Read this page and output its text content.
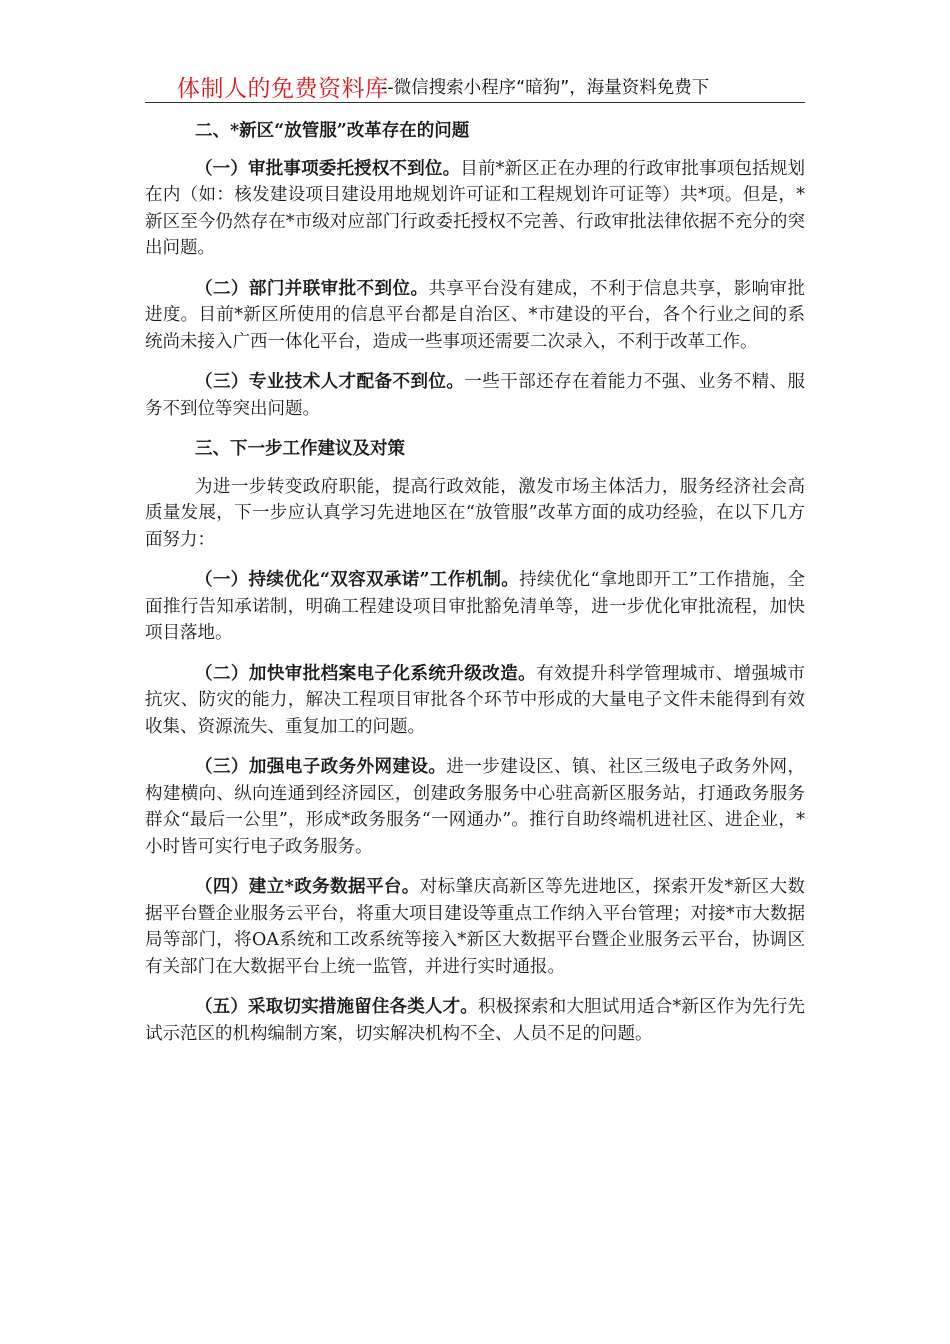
体制人的免费资料库
--微信搜索小程序“暗狗”，海量资料免费下

二、*新区“放管服”改革存在的问题

（一）审批事项委托授权不到位。目前*新区正在办理的行政审批事项包括规划在内（如：核发建设项目建设用地规划许可证和工程规划许可证等）共*项。但是，*新区至今仍然存在*市级对应部门行政委托授权不完善、行政审批法律依据不充分的突出问题。

（二）部门并联审批不到位。共享平台没有建成，不利于信息共享，影响审批进度。目前*新区所使用的信息平台都是自治区、*市建设的平台，各个行业之间的系统尚未接入广西一体化平台，造成一些事项还需要二次录入，不利于改革工作。

（三）专业技术人才配备不到位。一些干部还存在着能力不强、业务不精、服务不到位等突出问题。

三、下一步工作建议及对策

为进一步转变政府职能，提高行政效能，激发市场主体活力，服务经济社会高质量发展，下一步应认真学习先进地区在“放管服”改革方面的成功经验，在以下几方面努力：

（一）持续优化“双容双承诺”工作机制。持续优化“拿地即开工”工作措施，全面推行告知承诺制，明确工程建设项目审批豁免清单等，进一步优化审批流程，加快项目落地。

（二）加快审批档案电子化系统升级改造。有效提升科学管理城市、增强城市抗灾、防灾的能力，解决工程项目审批各个环节中形成的大量电子文件未能得到有效收集、资源流失、重复加工的问题。

（三）加强电子政务外网建设。进一步建设区、镇、社区三级电子政务外网，构建横向、纵向连通到经济园区，创建政务服务中心驻高新区服务站，打通政务服务群众“最后一公里”，形成*政务服务“一网通办”。推行自助终端机进社区、进企业，*小时皆可实行电子政务服务。

（四）建立*政务数据平台。对标肇庆高新区等先进地区，探索开发*新区大数据平台暨企业服务云平台，将重大项目建设等重点工作纳入平台管理；对接*市大数据局等部门，将OA系统和工改系统等接入*新区大数据平台暨企业服务云平台，协调区有关部门在大数据平台上统一监管，并进行实时通报。

（五）采取切实措施留住各类人才。积极探索和大胆试用适合*新区作为先行先试示范区的机构编制方案，切实解决机构不全、人员不足的问题。
